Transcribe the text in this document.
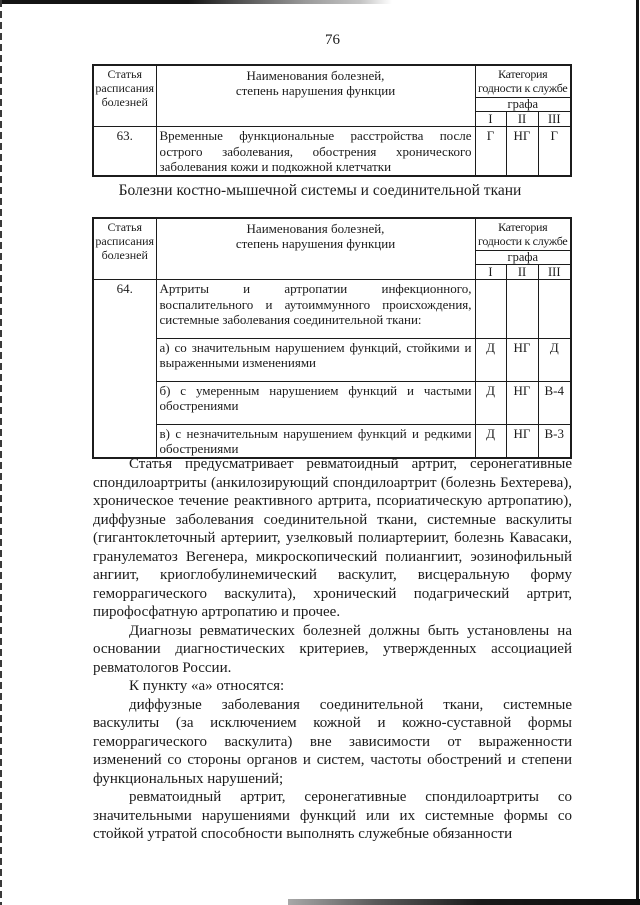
76
Статья расписания болезней	
Наименования болезней,
степень нарушения функции

Категория
годности к службе

		графа		
		I	II	III
63.	Временные функциональные расстройства после острого заболевания, обострения хронического заболевания кожи и подкожной клетчатки	Г	НГ	Г
Болезни костно-мышечной системы и соединительной ткани
Статья расписания болезней	
Наименования болезней,
степень нарушения функции

Категория
годности к службе

		графа		
		I	II	III
64.	Артриты и артропатии инфекционного, воспалительного и аутоиммунного происхождения, системные заболевания соединительной ткани:			
	а) со значительным нарушением функций, стойкими и выраженными изменениями	Д	НГ	Д
	б) с умеренным нарушением функций и частыми обострениями	Д	НГ	В-4
	в) с незначительным нарушением функций и редкими обострениями	Д	НГ	В-3

Статья предусматривает ревматоидный артрит, серонегативные спондилоартриты (анкилозирующий спондилоартрит (болезнь Бехтерева), хроническое течение реактивного артрита, псориатическую артропатию), диффузные заболевания соединительной ткани, системные васкулиты (гигантоклеточный артериит, узелковый полиартериит, болезнь Кавасаки, гранулематоз Вегенера, микроскопический полиангиит, эозинофильный ангиит, криоглобулинемический васкулит, висцеральную форму геморрагического васкулита), хронический подагрический артрит, пирофосфатную артропатию и прочее.

Диагнозы ревматических болезней должны быть установлены на основании диагностических критериев, утвержденных ассоциацией ревматологов России.

К пункту «а» относятся:

диффузные заболевания соединительной ткани, системные васкулиты (за исключением кожной и кожно-суставной формы геморрагического васкулита) вне зависимости от выраженности изменений со стороны органов и систем, частоты обострений и степени функциональных нарушений;

ревматоидный артрит, серонегативные спондилоартриты со значительными нарушениями функций или их системные формы со стойкой утратой способности выполнять служебные обязанности
